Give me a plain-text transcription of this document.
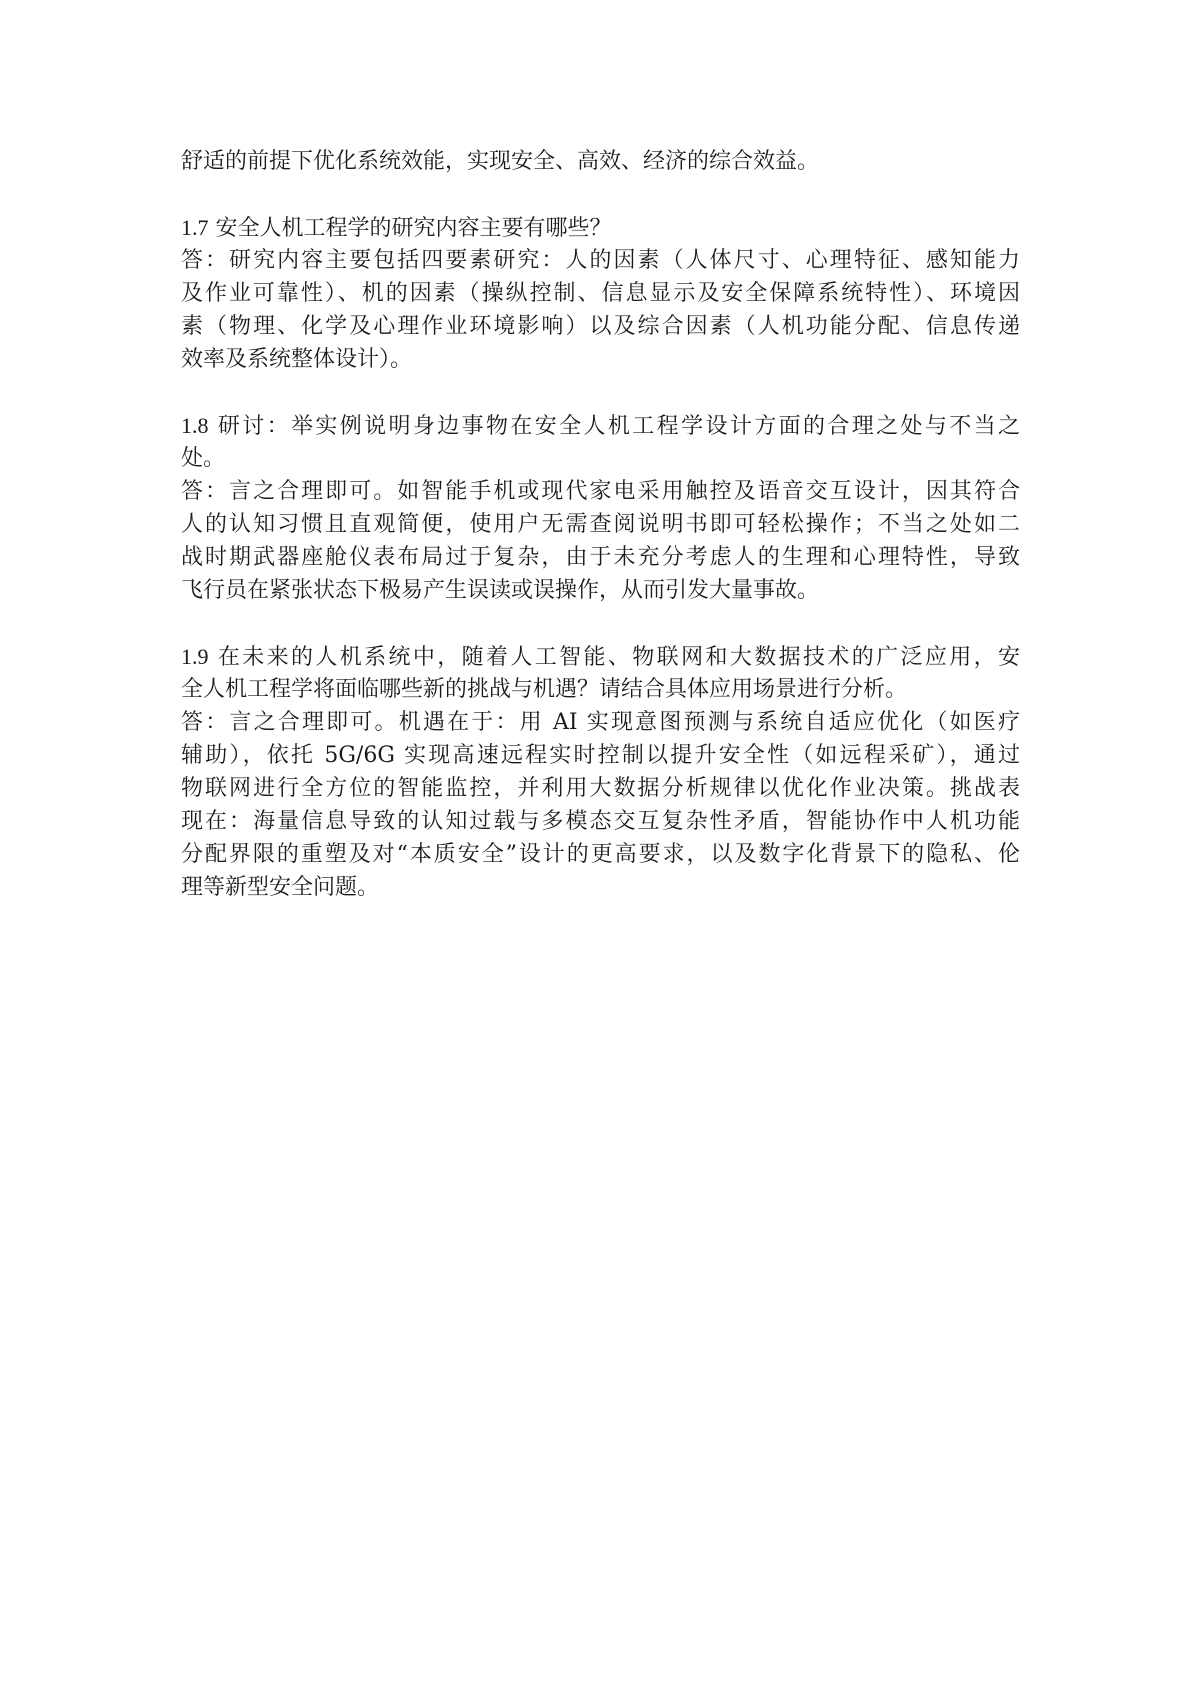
舒适的前提下优化系统效能，实现安全、高效、经济的综合效益。
1.7 安全人机工程学的研究内容主要有哪些？
答：研究内容主要包括四要素研究：人的因素（人体尺寸、心理特征、感知能力
及作业可靠性）、机的因素（操纵控制、信息显示及安全保障系统特性）、环境因
素（物理、化学及心理作业环境影响）以及综合因素（人机功能分配、信息传递
效率及系统整体设计）。
1.8 研讨：举实例说明身边事物在安全人机工程学设计方面的合理之处与不当之
处。
答：言之合理即可。如智能手机或现代家电采用触控及语音交互设计，因其符合
人的认知习惯且直观简便，使用户无需查阅说明书即可轻松操作；不当之处如二
战时期武器座舱仪表布局过于复杂，由于未充分考虑人的生理和心理特性，导致
飞行员在紧张状态下极易产生误读或误操作，从而引发大量事故。
1.9 在未来的人机系统中，随着人工智能、物联网和大数据技术的广泛应用，安
全人机工程学将面临哪些新的挑战与机遇？请结合具体应用场景进行分析。
答：言之合理即可。机遇在于：用 AI 实现意图预测与系统自适应优化（如医疗
辅助），依托 5G/6G 实现高速远程实时控制以提升安全性（如远程采矿），通过
物联网进行全方位的智能监控，并利用大数据分析规律以优化作业决策。挑战表
现在：海量信息导致的认知过载与多模态交互复杂性矛盾，智能协作中人机功能
分配界限的重塑及对“本质安全”设计的更高要求，以及数字化背景下的隐私、伦
理等新型安全问题。
